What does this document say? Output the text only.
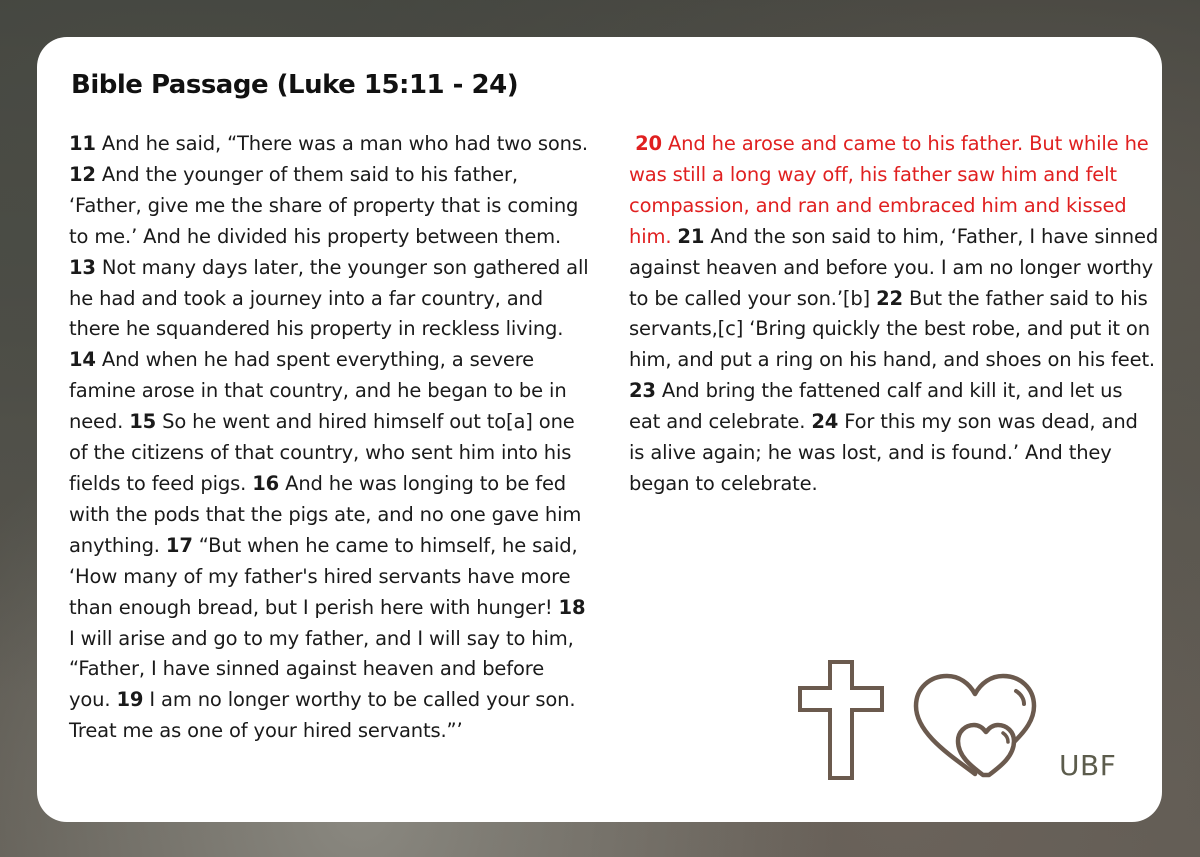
Bible Passage (Luke 15:11 - 24)
11 And he said, “There was a man who had two sons. 12 And the younger of them said to his father, ‘Father, give me the share of property that is coming to me.’ And he divided his property between them. 13 Not many days later, the younger son gathered all he had and took a journey into a far country, and there he squandered his property in reckless living. 14 And when he had spent everything, a severe famine arose in that country, and he began to be in need. 15 So he went and hired himself out to[a] one of the citizens of that country, who sent him into his fields to feed pigs. 16 And he was longing to be fed with the pods that the pigs ate, and no one gave him anything. 17 “But when he came to himself, he said, ‘How many of my father's hired servants have more than enough bread, but I perish here with hunger! 18 I will arise and go to my father, and I will say to him, “Father, I have sinned against heaven and before you. 19 I am no longer worthy to be called your son. Treat me as one of your hired servants.”’
20 And he arose and came to his father. But while he was still a long way off, his father saw him and felt compassion, and ran and embraced him and kissed him. 21 And the son said to him, ‘Father, I have sinned against heaven and before you. I am no longer worthy to be called your son.’[b] 22 But the father said to his servants,[c] ‘Bring quickly the best robe, and put it on him, and put a ring on his hand, and shoes on his feet. 23 And bring the fattened calf and kill it, and let us eat and celebrate. 24 For this my son was dead, and is alive again; he was lost, and is found.’ And they began to celebrate.
UBF
